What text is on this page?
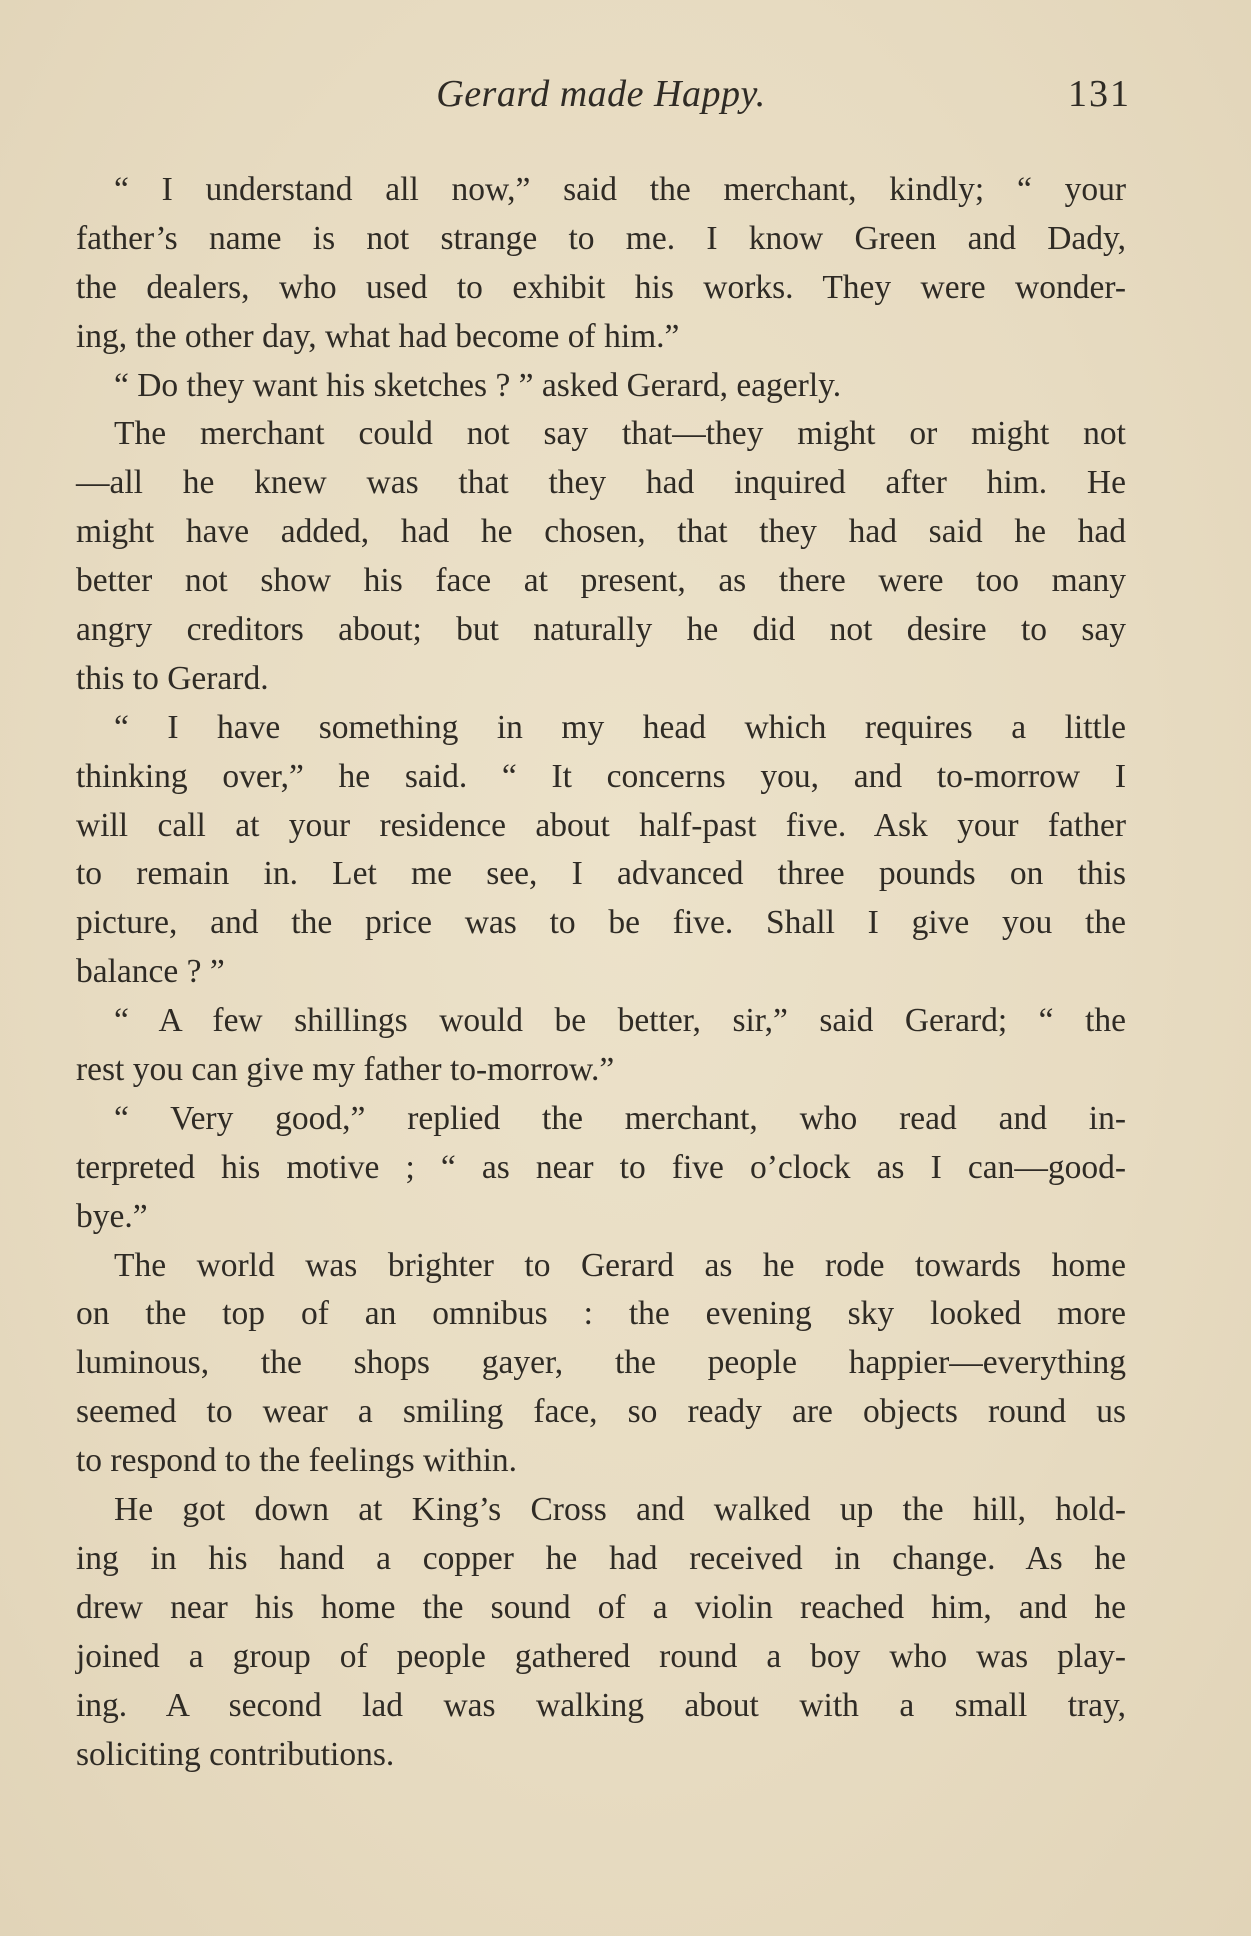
Gerard made Happy.	131
“ I understand all now,” said the merchant, kindly; “ your
father’s name is not strange to me. I know Green and Dady,
the dealers, who used to exhibit his works. They were wonder-
ing, the other day, what had become of him.”
“ Do they want his sketches ? ” asked Gerard, eagerly.
The merchant could not say that—they might or might not
—all he knew was that they had inquired after him. He
might have added, had he chosen, that they had said he had
better not show his face at present, as there were too many
angry creditors about; but naturally he did not desire to say
this to Gerard.
“ I have something in my head which requires a little
thinking over,” he said. “ It concerns you, and to-morrow I
will call at your residence about half-past five. Ask your father
to remain in. Let me see, I advanced three pounds on this
picture, and the price was to be five. Shall I give you the
balance ? ”
“ A few shillings would be better, sir,” said Gerard; “ the
rest you can give my father to-morrow.”
“ Very good,” replied the merchant, who read and in-
terpreted his motive ; “ as near to five o’clock as I can—good-
bye.”
The world was brighter to Gerard as he rode towards home
on the top of an omnibus : the evening sky looked more
luminous, the shops gayer, the people happier—everything
seemed to wear a smiling face, so ready are objects round us
to respond to the feelings within.
He got down at King’s Cross and walked up the hill, hold-
ing in his hand a copper he had received in change. As he
drew near his home the sound of a violin reached him, and he
joined a group of people gathered round a boy who was play-
ing. A second lad was walking about with a small tray,
soliciting contributions.
